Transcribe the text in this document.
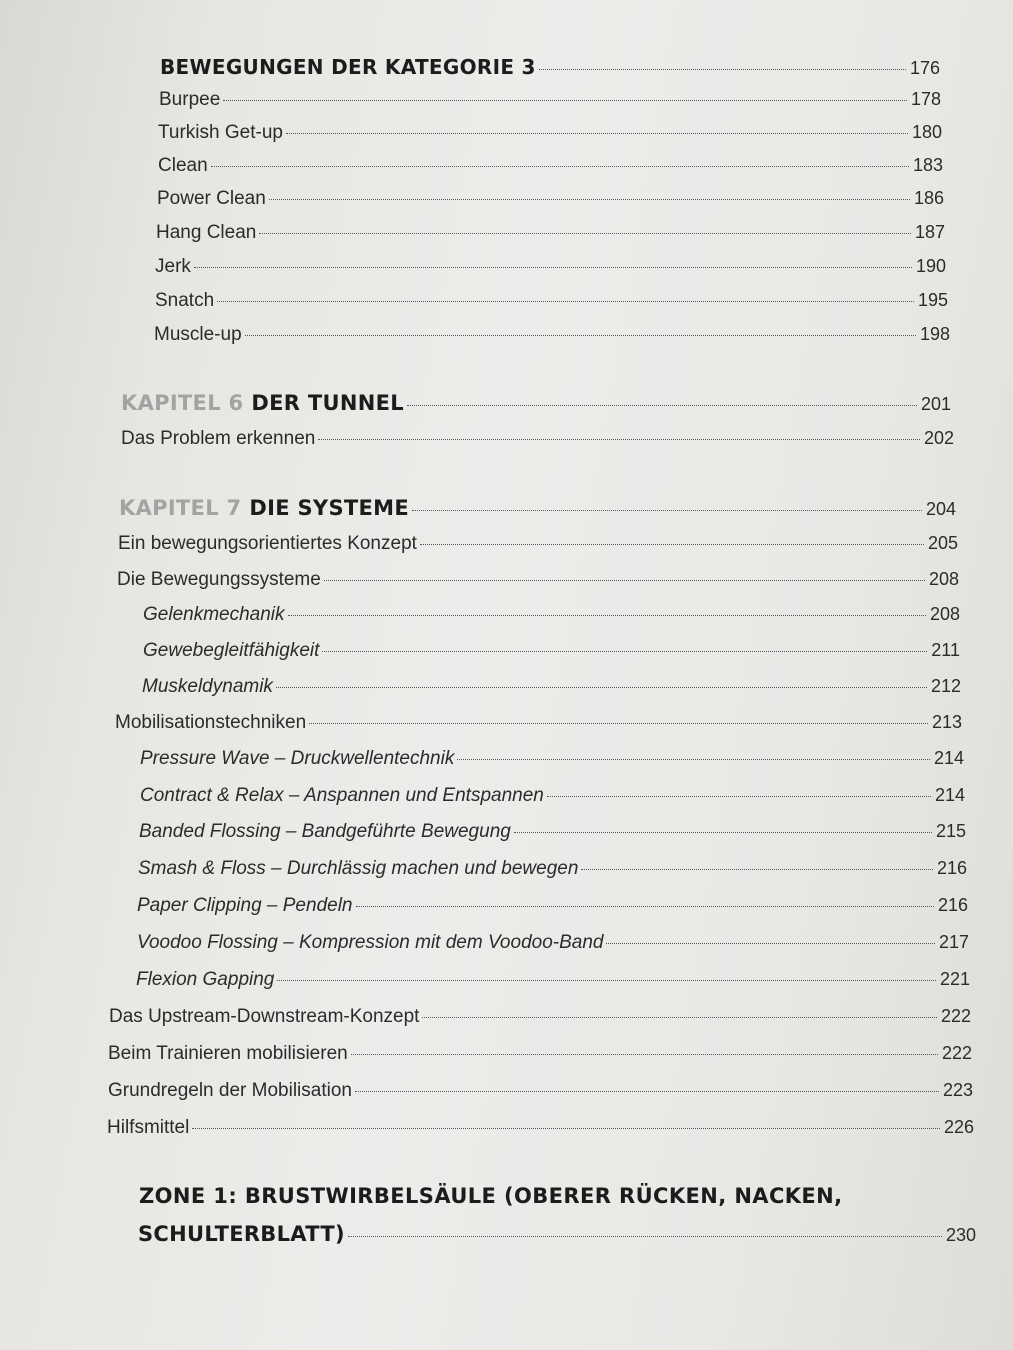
BEWEGUNGEN DER KATEGORIE 3	176
Burpee	178
Turkish Get-up	180
Clean	183
Power Clean	186
Hang Clean	187
Jerk	190
Snatch	195
Muscle-up	198
KAPITEL 6 DER TUNNEL	201
Das Problem erkennen	202
KAPITEL 7 DIE SYSTEME	204
Ein bewegungsorientiertes Konzept	205
Die Bewegungssysteme	208
Gelenkmechanik	208
Gewebegleitfähigkeit	211
Muskeldynamik	212
Mobilisationstechniken	213
Pressure Wave – Druckwellentechnik	214
Contract & Relax – Anspannen und Entspannen	214
Banded Flossing – Bandgeführte Bewegung	215
Smash & Floss – Durchlässig machen und bewegen	216
Paper Clipping – Pendeln	216
Voodoo Flossing – Kompression mit dem Voodoo-Band	217
Flexion Gapping	221
Das Upstream-Downstream-Konzept	222
Beim Trainieren mobilisieren	222
Grundregeln der Mobilisation	223
Hilfsmittel	226
ZONE 1: BRUSTWIRBELSÄULE (OBERER RÜCKEN, NACKEN,
SCHULTERBLATT)	230
